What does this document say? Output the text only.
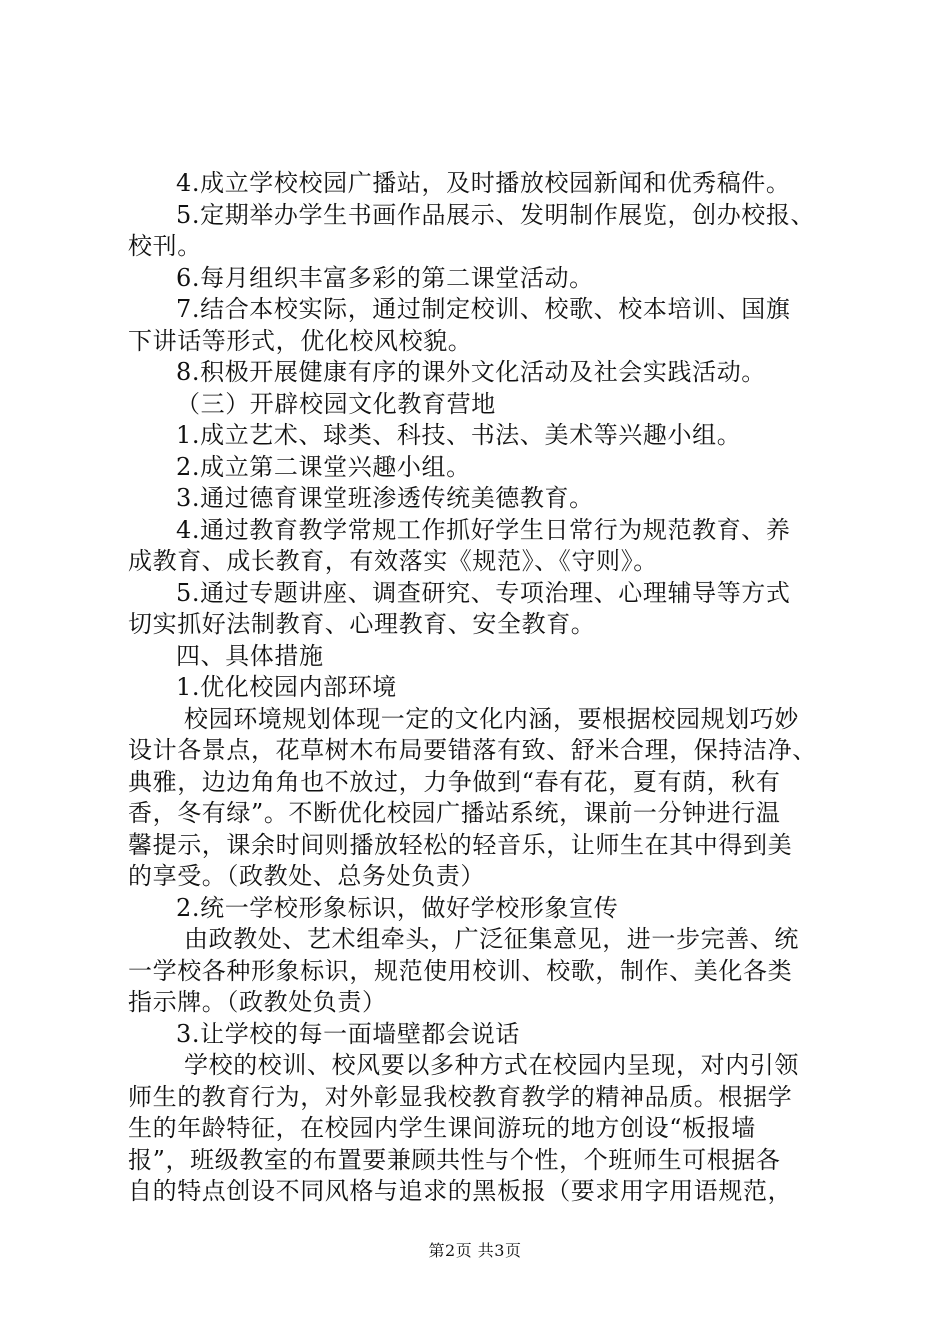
4.成立学校校园广播站，及时播放校园新闻和优秀稿件。
5.定期举办学生书画作品展示、发明制作展览，创办校报、
校刊。
6.每月组织丰富多彩的第二课堂活动。
7.结合本校实际，通过制定校训、校歌、校本培训、国旗
下讲话等形式，优化校风校貌。
8.积极开展健康有序的课外文化活动及社会实践活动。
（三）开辟校园文化教育营地
1.成立艺术、球类、科技、书法、美术等兴趣小组。
2.成立第二课堂兴趣小组。
3.通过德育课堂班渗透传统美德教育。
4.通过教育教学常规工作抓好学生日常行为规范教育、养
成教育、成长教育，有效落实《规范》、《守则》。
5.通过专题讲座、调查研究、专项治理、心理辅导等方式
切实抓好法制教育、心理教育、安全教育。
四、具体措施
1.优化校园内部环境
校园环境规划体现一定的文化内涵，要根据校园规划巧妙
设计各景点，花草树木布局要错落有致、舒米合理，保持洁净、
典雅，边边角角也不放过，力争做到“春有花，夏有荫，秋有
香，冬有绿”。不断优化校园广播站系统，课前一分钟进行温
馨提示，课余时间则播放轻松的轻音乐，让师生在其中得到美
的享受。（政教处、总务处负责）
2.统一学校形象标识，做好学校形象宣传
由政教处、艺术组牵头，广泛征集意见，进一步完善、统
一学校各种形象标识，规范使用校训、校歌，制作、美化各类
指示牌。（政教处负责）
3.让学校的每一面墙壁都会说话
学校的校训、校风要以多种方式在校园内呈现，对内引领
师生的教育行为，对外彰显我校教育教学的精神品质。根据学
生的年龄特征，在校园内学生课间游玩的地方创设“板报墙
报”，班级教室的布置要兼顾共性与个性，个班师生可根据各
自的特点创设不同风格与追求的黑板报（要求用字用语规范，
第2页 共3页
